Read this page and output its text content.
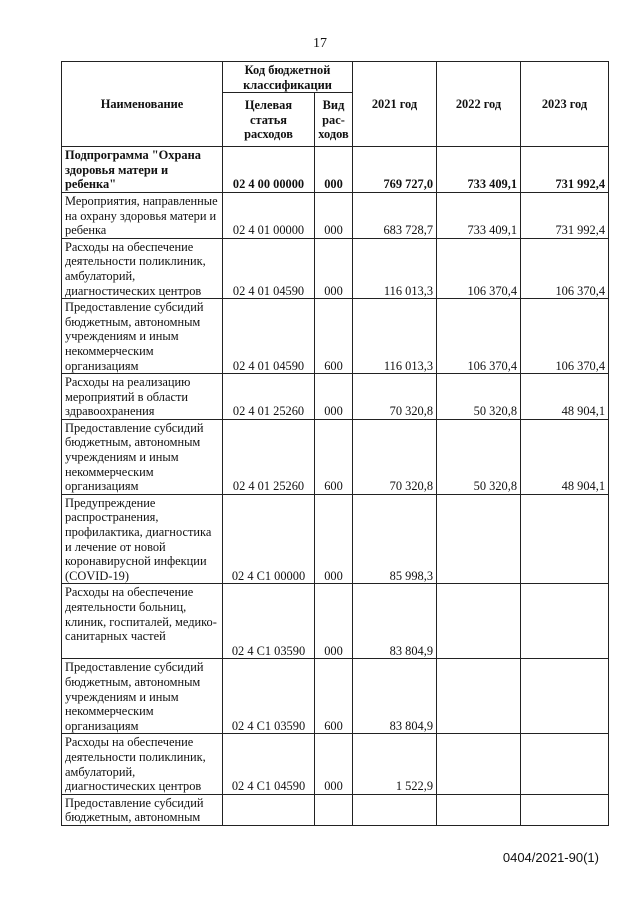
17
Наименование	Код бюджетной классификации		2021 год	2022 год	2023 год
	Целевая статья расходов	Вид рас-ходов			
Подпрограмма "Охрана здоровья матери и ребенка"	02 4 00 00000	000	769 727,0	733 409,1	731 992,4
Мероприятия, направленные на охрану здоровья матери и ребенка	02 4 01 00000	000	683 728,7	733 409,1	731 992,4
Расходы на обеспечение деятельности поликлиник, амбулаторий, диагностических центров	02 4 01 04590	000	116 013,3	106 370,4	106 370,4
Предоставление субсидий бюджетным, автономным учреждениям и иным некоммерческим организациям	02 4 01 04590	600	116 013,3	106 370,4	106 370,4
Расходы на реализацию мероприятий в области здравоохранения	02 4 01 25260	000	70 320,8	50 320,8	48 904,1
Предоставление субсидий бюджетным, автономным учреждениям и иным некоммерческим организациям	02 4 01 25260	600	70 320,8	50 320,8	48 904,1
Предупреждение распространения, профилактика, диагностика и лечение от новой коронавирусной инфекции (COVID-19)	02 4 C1 00000	000	85 998,3		
Расходы на обеспечение деятельности больниц, клиник, госпиталей, медико-санитарных частей	02 4 C1 03590	000	83 804,9		
Предоставление субсидий бюджетным, автономным учреждениям и иным некоммерческим организациям	02 4 C1 03590	600	83 804,9		
Расходы на обеспечение деятельности поликлиник, амбулаторий, диагностических центров	02 4 C1 04590	000	1 522,9		
Предоставление субсидий бюджетным, автономным					
0404/2021-90(1)
